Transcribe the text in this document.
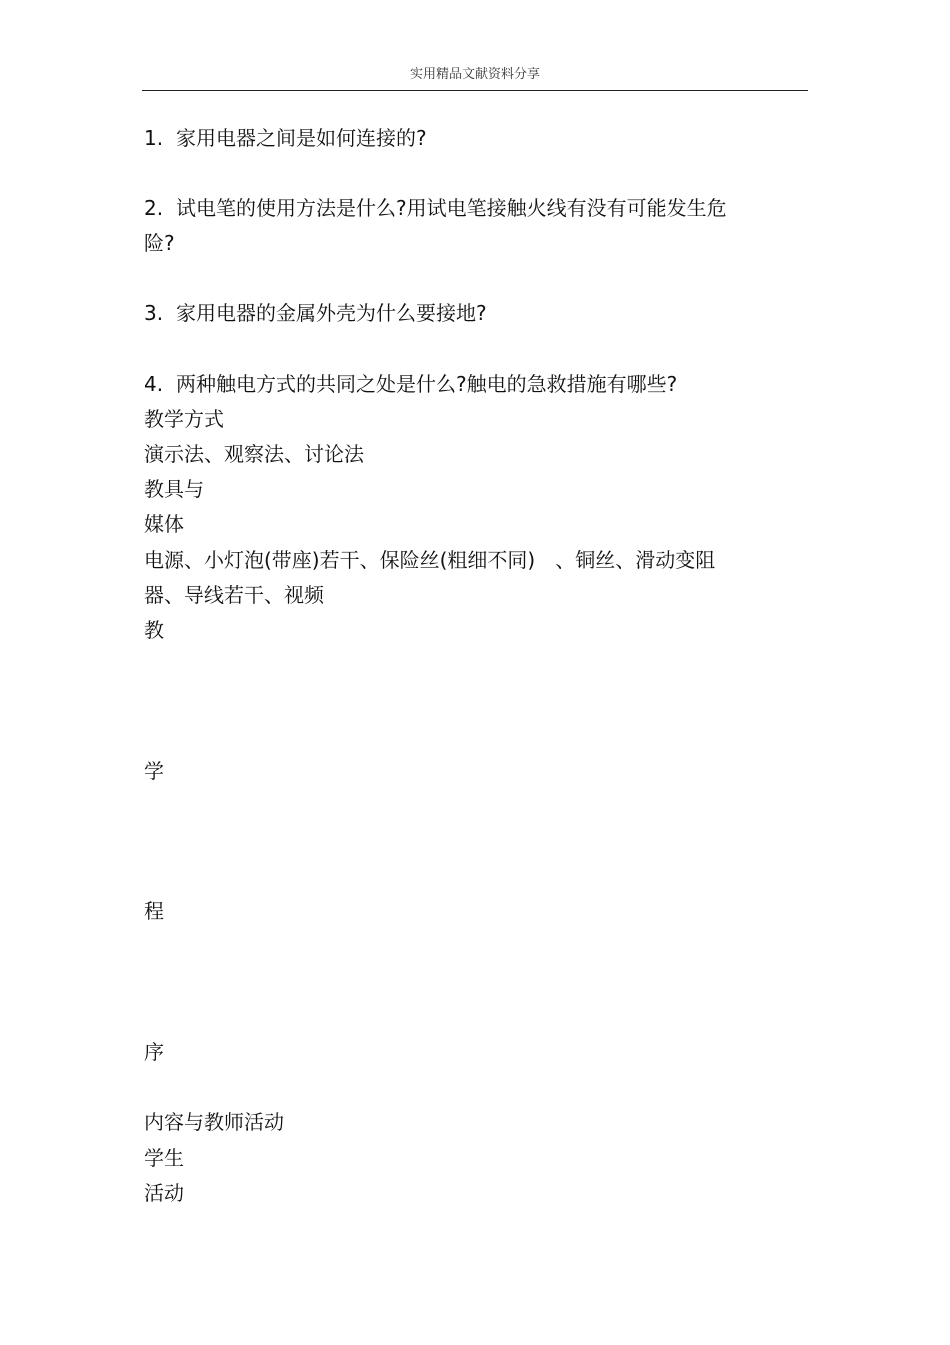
实用精品文献资料分享
1. 家用电器之间是如何连接的?
2. 试电笔的使用方法是什么?用试电笔接触火线有没有可能发生危
险?
3. 家用电器的金属外壳为什么要接地?
4. 两种触电方式的共同之处是什么?触电的急救措施有哪些?
教学方式
演示法、观察法、讨论法
教具与
媒体
电源、小灯泡(带座)若干、保险丝(粗细不同)　、铜丝、滑动变阻
器、导线若干、视频
教
学
程
序
内容与教师活动
学生
活动
